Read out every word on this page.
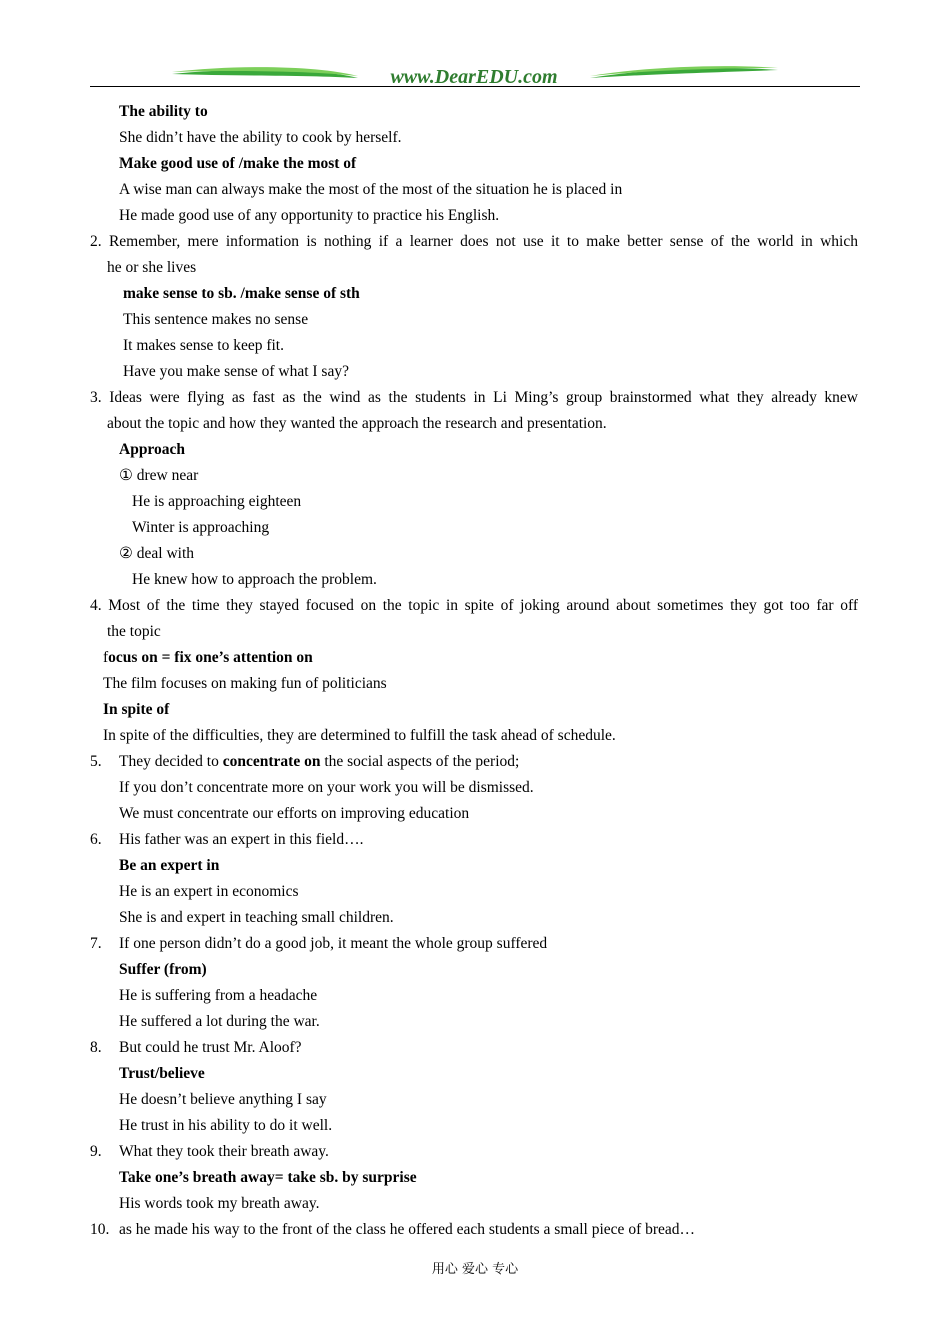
www.DearEDU.com
The ability to
She didn’t have the ability to cook by herself.
Make good use of /make the most of
A wise man can always make the most of the most of the situation he is placed in
He made good use of any opportunity to practice his English.
2. Remember, mere information is nothing if a learner does not use it to make better sense of the world in which
he or she lives
make sense to sb. /make sense of sth
This sentence makes no sense
It makes sense to keep fit.
Have you make sense of what I say?
3. Ideas were flying as fast as the wind as the students in Li Ming’s group brainstormed what they already knew
about the topic and how they wanted the approach the research and presentation.
Approach
① drew near
He is approaching eighteen
Winter is approaching
② deal with
He knew how to approach the problem.
4. Most of the time they stayed focused on the topic in spite of joking around about sometimes they got too far off
the topic
focus on = fix one’s attention on
The film focuses on making fun of politicians
In spite of
In spite of the difficulties, they are determined to fulfill the task ahead of schedule.
5. They decided to concentrate on the social aspects of the period;
If you don’t concentrate more on your work you will be dismissed.
We must concentrate our efforts on improving education
6. His father was an expert in this field….
Be an expert in
He is an expert in economics
She is and expert in teaching small children.
7. If one person didn’t do a good job, it meant the whole group suffered
Suffer (from)
He is suffering from a headache
He suffered a lot during the war.
8. But could he trust Mr. Aloof?
Trust/believe
He doesn’t believe anything I say
He trust in his ability to do it well.
9. What they took their breath away.
Take one’s breath away= take sb. by surprise
His words took my breath away.
10. as he made his way to the front of the class he offered each students a small piece of bread…
用心 爱心 专心
